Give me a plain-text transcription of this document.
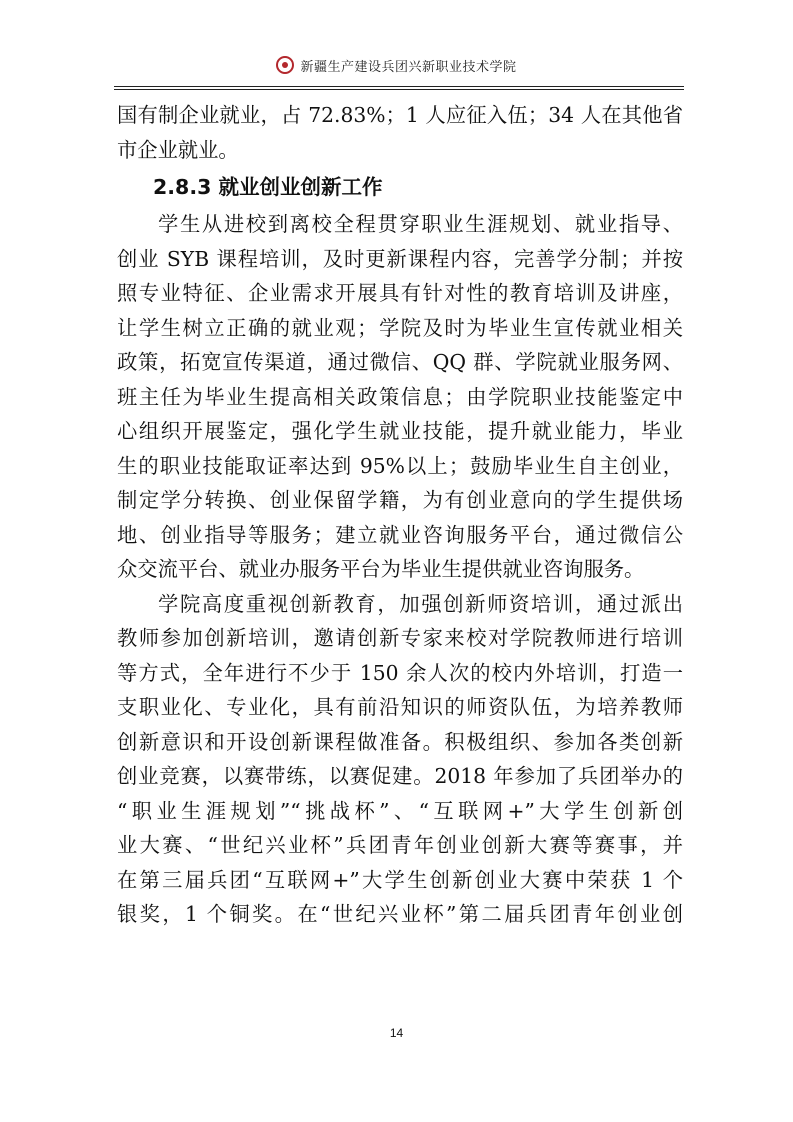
新疆生产建设兵团兴新职业技术学院
国有制企业就业，占 72.83%；1 人应征入伍；34 人在其他省
市企业就业。
2.8.3 就业创业创新工作
学生从进校到离校全程贯穿职业生涯规划、就业指导、
创业 SYB 课程培训，及时更新课程内容，完善学分制；并按
照专业特征、企业需求开展具有针对性的教育培训及讲座，
让学生树立正确的就业观；学院及时为毕业生宣传就业相关
政策，拓宽宣传渠道，通过微信、QQ 群、学院就业服务网、
班主任为毕业生提高相关政策信息；由学院职业技能鉴定中
心组织开展鉴定，强化学生就业技能，提升就业能力，毕业
生的职业技能取证率达到 95%以上；鼓励毕业生自主创业，
制定学分转换、创业保留学籍，为有创业意向的学生提供场
地、创业指导等服务；建立就业咨询服务平台，通过微信公
众交流平台、就业办服务平台为毕业生提供就业咨询服务。
学院高度重视创新教育，加强创新师资培训，通过派出
教师参加创新培训，邀请创新专家来校对学院教师进行培训
等方式，全年进行不少于 150 余人次的校内外培训，打造一
支职业化、专业化，具有前沿知识的师资队伍，为培养教师
创新意识和开设创新课程做准备。积极组织、参加各类创新
创业竞赛，以赛带练，以赛促建。2018 年参加了兵团举办的
“职业生涯规划”“挑战杯”、“互联网+”大学生创新创
业大赛、“世纪兴业杯”兵团青年创业创新大赛等赛事，并
在第三届兵团“互联网+”大学生创新创业大赛中荣获 1 个
银奖，1 个铜奖。在“世纪兴业杯”第二届兵团青年创业创
14
